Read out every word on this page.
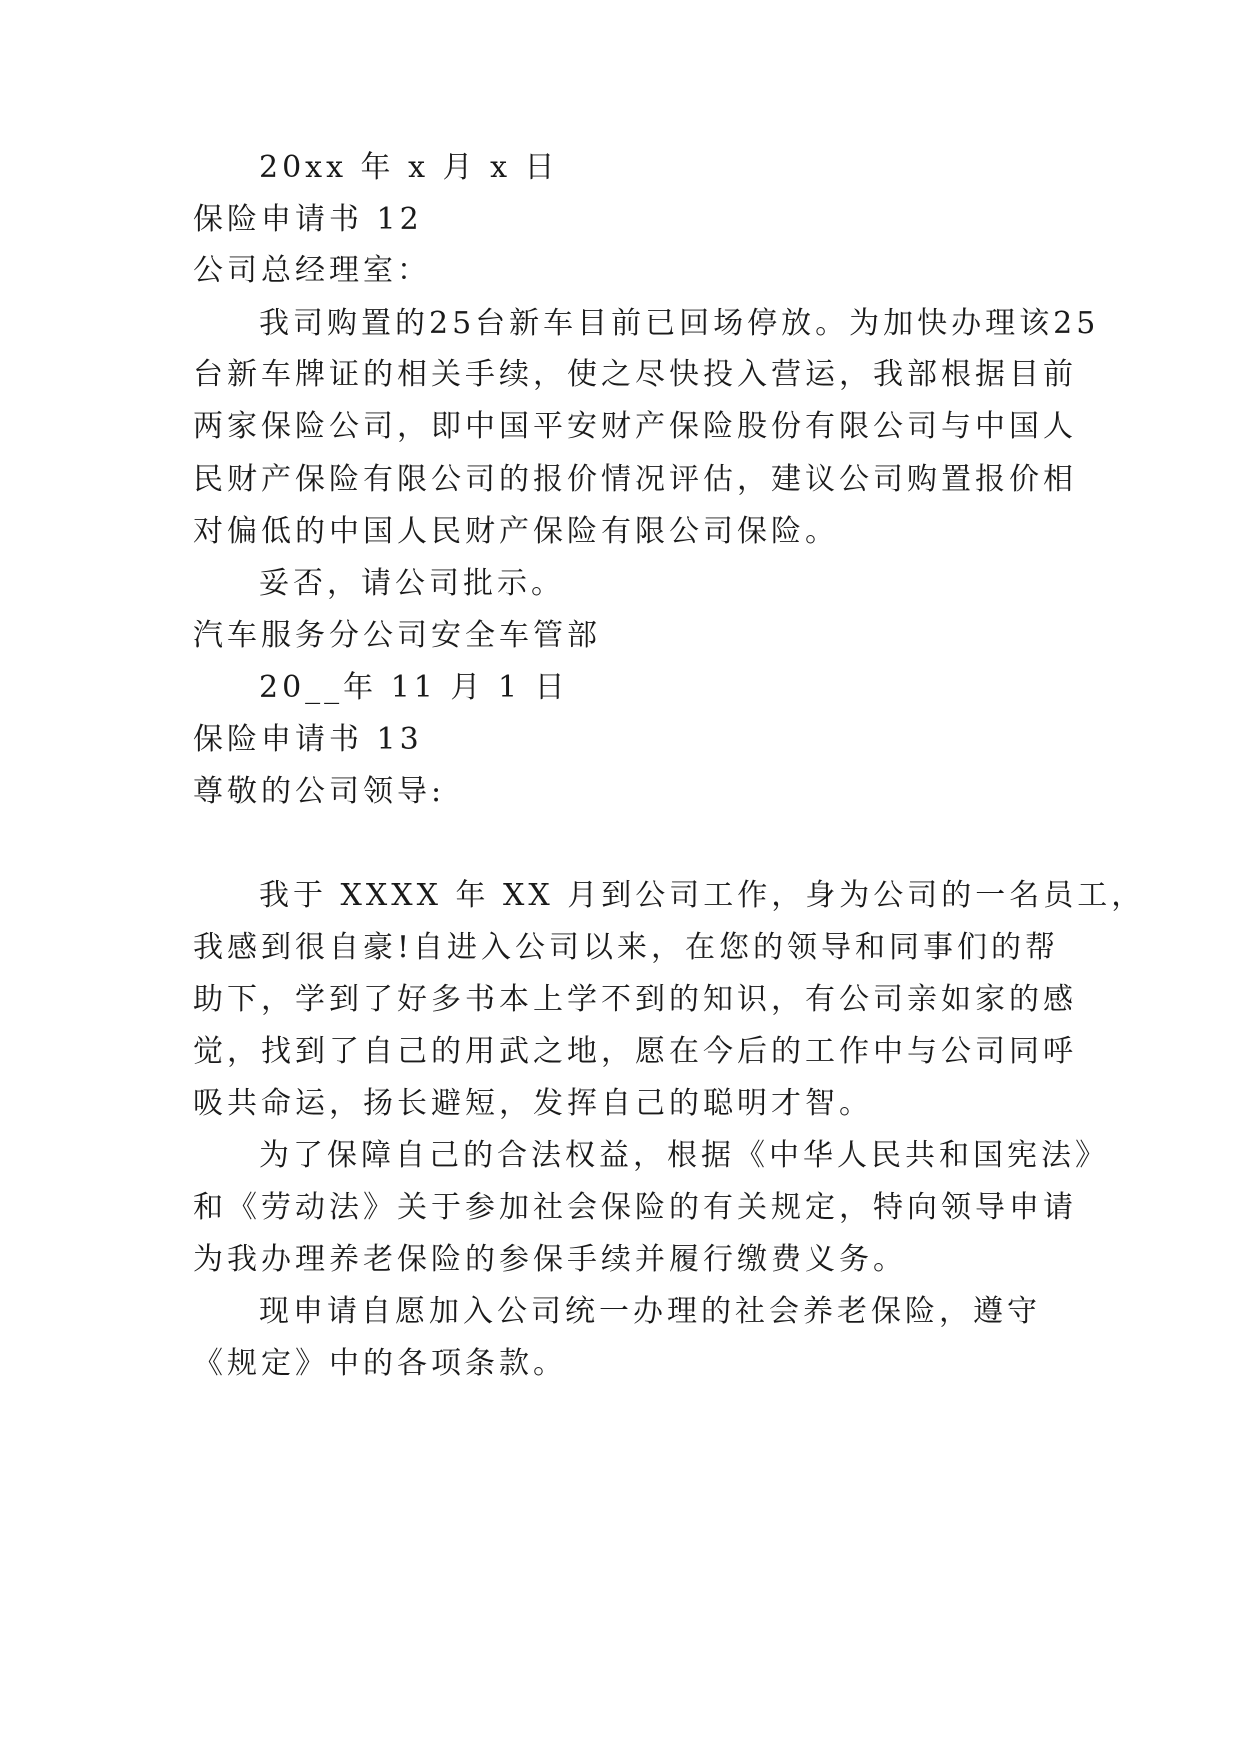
20xx 年 x 月 x 日
保险申请书 12
公司总经理室：
我司购置的25台新车目前已回场停放。为加快办理该25
台新车牌证的相关手续，使之尽快投入营运，我部根据目前
两家保险公司，即中国平安财产保险股份有限公司与中国人
民财产保险有限公司的报价情况评估，建议公司购置报价相
对偏低的中国人民财产保险有限公司保险。
妥否，请公司批示。
汽车服务分公司安全车管部
20__年 11 月 1 日
保险申请书 13
尊敬的公司领导:
我于 XXXX 年 XX 月到公司工作，身为公司的一名员工，
我感到很自豪!自进入公司以来，在您的领导和同事们的帮
助下，学到了好多书本上学不到的知识，有公司亲如家的感
觉，找到了自己的用武之地，愿在今后的工作中与公司同呼
吸共命运，扬长避短，发挥自己的聪明才智。
为了保障自己的合法权益，根据《中华人民共和国宪法》
和《劳动法》关于参加社会保险的有关规定，特向领导申请
为我办理养老保险的参保手续并履行缴费义务。
现申请自愿加入公司统一办理的社会养老保险，遵守
《规定》中的各项条款。
